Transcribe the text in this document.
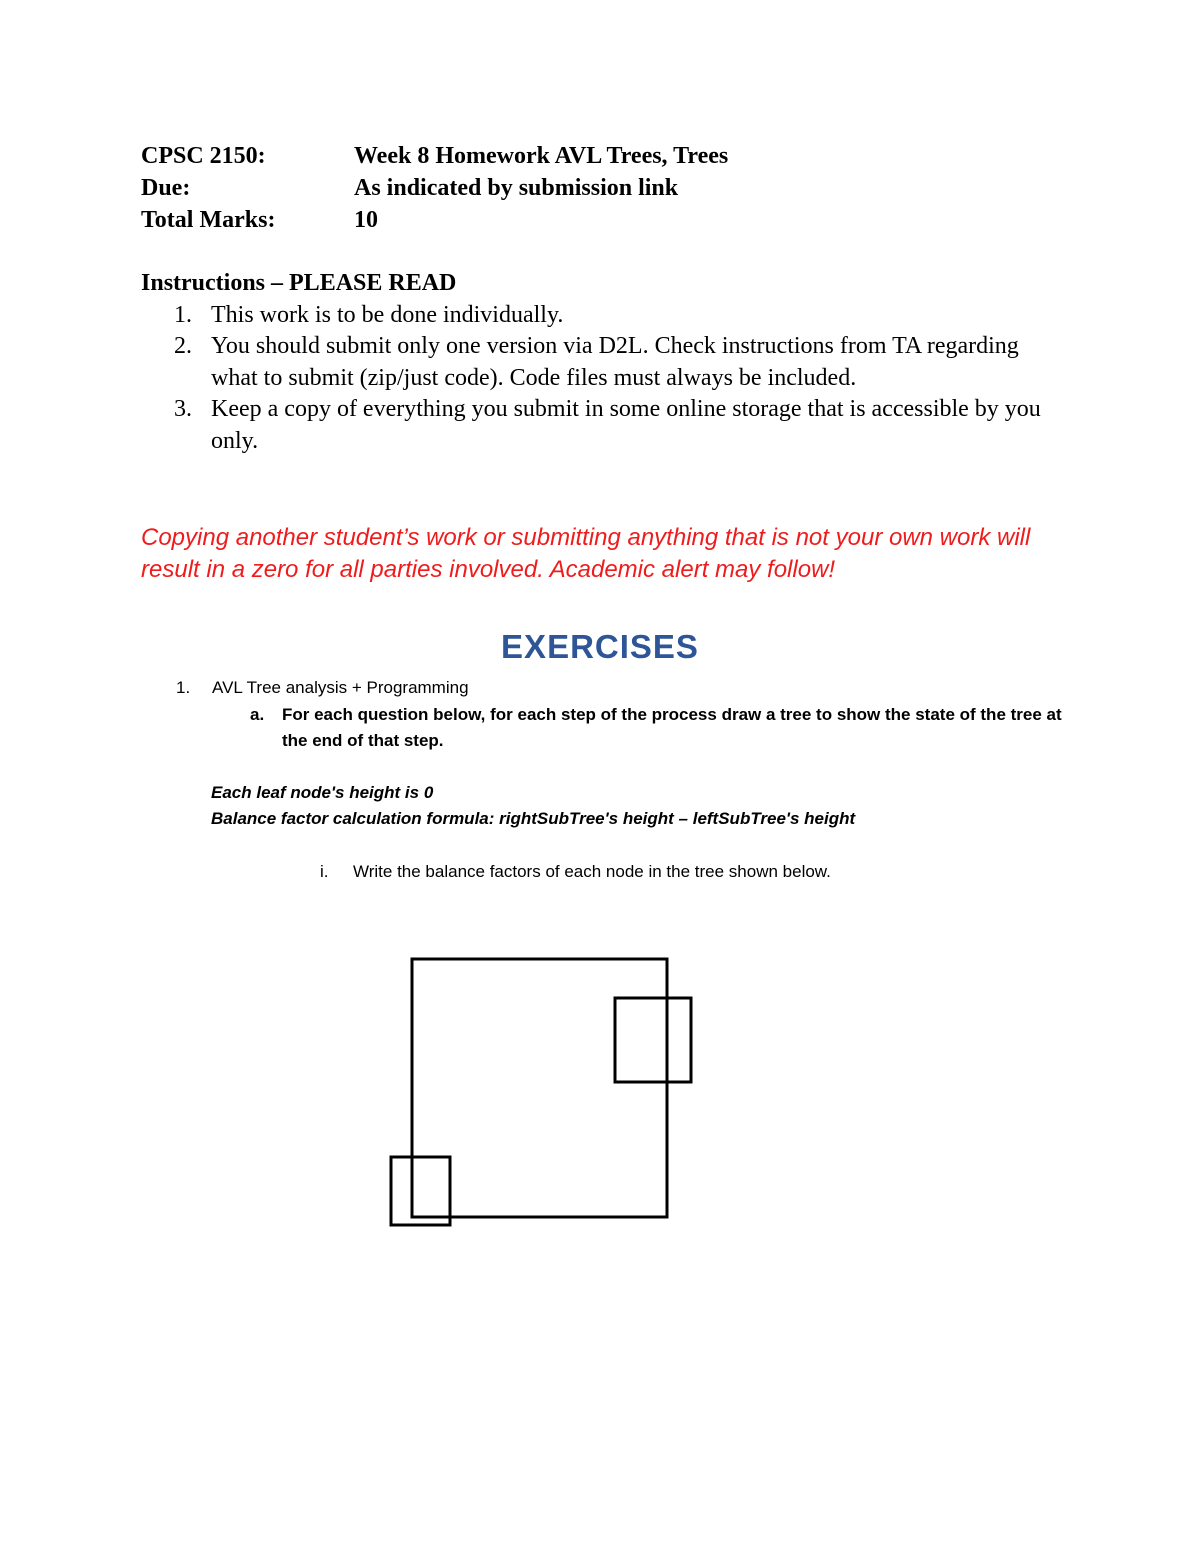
CPSC 2150:	Week 8 Homework AVL Trees, Trees
Due:	As indicated by submission link
Total Marks:	10
Instructions – PLEASE READ
1. This work is to be done individually.
2. You should submit only one version via D2L. Check instructions from TA regarding what to submit (zip/just code). Code files must always be included.
3. Keep a copy of everything you submit in some online storage that is accessible by you only.
Copying another student’s work or submitting anything that is not your own work will result in a zero for all parties involved. Academic alert may follow!
EXERCISES
1. AVL Tree analysis + Programming
a.	For each question below, for each step of the process draw a tree to show the state of the tree at the end of that step.
Each leaf node's height is 0
Balance factor calculation formula: rightSubTree's height – leftSubTree's height
i. Write the balance factors of each node in the tree shown below.
